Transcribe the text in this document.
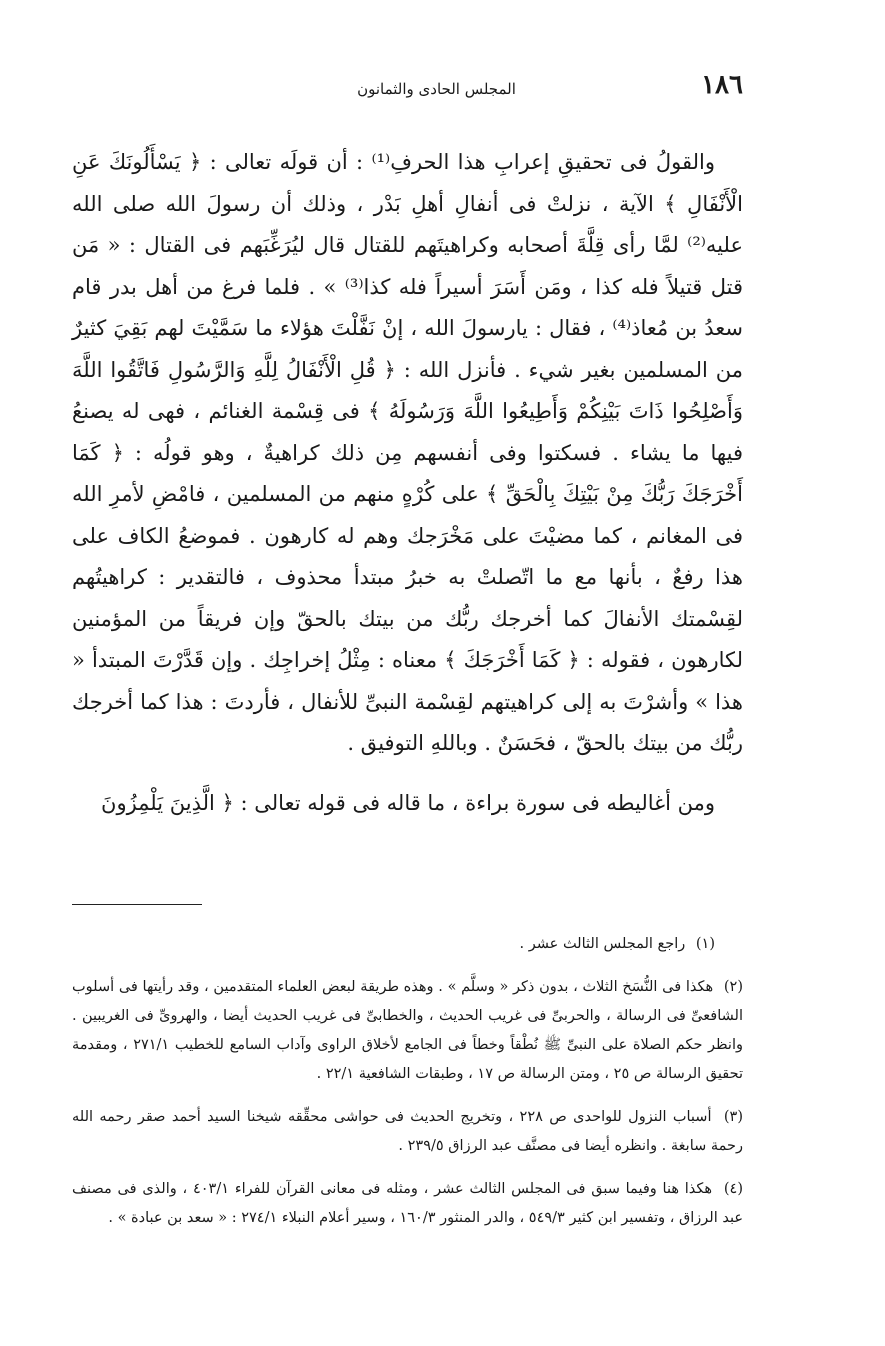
١٨٦
المجلس الحادى والثمانون

والقولُ فى تحقيقِ إعرابِ هذا الحرفِ⁽¹⁾ : أن قولَه تعالى : ﴿ يَسْأَلُونَكَ عَنِ الْأَنْفَالِ ﴾ الآية ، نزلتْ فى أنفالِ أهلِ بَدْر ، وذلك أن رسولَ الله صلى الله عليه⁽²⁾ لمَّا رأى قِلَّةَ أصحابه وكراهيتَهم للقتال قال ليُرَغِّبَهم فى القتال : « مَن قتل قتيلاً فله كذا ، ومَن أَسَرَ أسيراً فله كذا⁽³⁾ » . فلما فرغ من أهل بدر قام سعدُ بن مُعاذ⁽⁴⁾ ، فقال : يارسولَ الله ، إنْ نَفَّلْتَ هؤلاء ما سَمَّيْتَ لهم بَقِيَ كثيرٌ من المسلمين بغير شيء . فأنزل الله : ﴿ قُلِ الْأَنْفَالُ لِلَّهِ وَالرَّسُولِ فَاتَّقُوا اللَّهَ وَأَصْلِحُوا ذَاتَ بَيْنِكُمْ وَأَطِيعُوا اللَّهَ وَرَسُولَهُ ﴾ فى قِسْمة الغنائم ، فهى له يصنعُ فيها ما يشاء . فسكتوا وفى أنفسهم مِن ذلك كراهيةٌ ، وهو قولُه : ﴿ كَمَا أَخْرَجَكَ رَبُّكَ مِنْ بَيْتِكَ بِالْحَقِّ ﴾ على كُرْهٍ منهم من المسلمين ، فامْضِ لأمرِ الله فى المغانم ، كما مضيْتَ على مَخْرَجك وهم له كارهون . فموضعُ الكاف على هذا رفعٌ ، بأنها مع ما اتّصلتْ به خبرُ مبتدأ محذوف ، فالتقدير : كراهيتُهم لقِسْمتك الأنفالَ كما أخرجك ربُّك من بيتك بالحقّ وإن فريقاً من المؤمنين لكارهون ، فقوله : ﴿ كَمَا أَخْرَجَكَ ﴾ معناه : مِثْلُ إخراجِك . وإن قَدَّرْتَ المبتدأ « هذا » وأشرْتَ به إلى كراهيتهم لقِسْمة النبىِّ للأنفال ، فأردتَ : هذا كما أخرجك ربُّك من بيتك بالحقّ ، فحَسَنٌ . وباللهِ التوفيق .

ومن أغاليطه فى سورة براءة ، ما قاله فى قوله تعالى : ﴿ الَّذِينَ يَلْمِزُونَ

(١) راجع المجلس الثالث عشر .

(٢) هكذا فى النُّسَخ الثلاث ، بدون ذكر « وسلَّم » . وهذه طريقة لبعض العلماء المتقدمين ، وقد رأيتها فى أسلوب الشافعىِّ فى الرسالة ، والحربىِّ فى غريب الحديث ، والخطابىِّ فى غريب الحديث أيضا ، والهروىِّ فى الغريبين . وانظر حكم الصلاة على النبىِّ ﷺ نُطْقاً وخطاً فى الجامع لأخلاق الراوى وآداب السامع للخطيب ٢٧١/١ ، ومقدمة تحقيق الرسالة ص ٢٥ ، ومتن الرسالة ص ١٧ ، وطبقات الشافعية ٢٢/١ .

(٣) أسباب النزول للواحدى ص ٢٢٨ ، وتخريج الحديث فى حواشى محقِّقه شيخنا السيد أحمد صقر رحمه الله رحمة سابغة . وانظره أيضا فى مصنَّف عبد الرزاق ٢٣٩/٥ .

(٤) هكذا هنا وفيما سبق فى المجلس الثالث عشر ، ومثله فى معانى القرآن للفراء ٤٠٣/١ ، والذى فى مصنف عبد الرزاق ، وتفسير ابن كثير ٥٤٩/٣ ، والدر المنثور ١٦٠/٣ ، وسير أعلام النبلاء ٢٧٤/١ : « سعد بن عبادة » .
